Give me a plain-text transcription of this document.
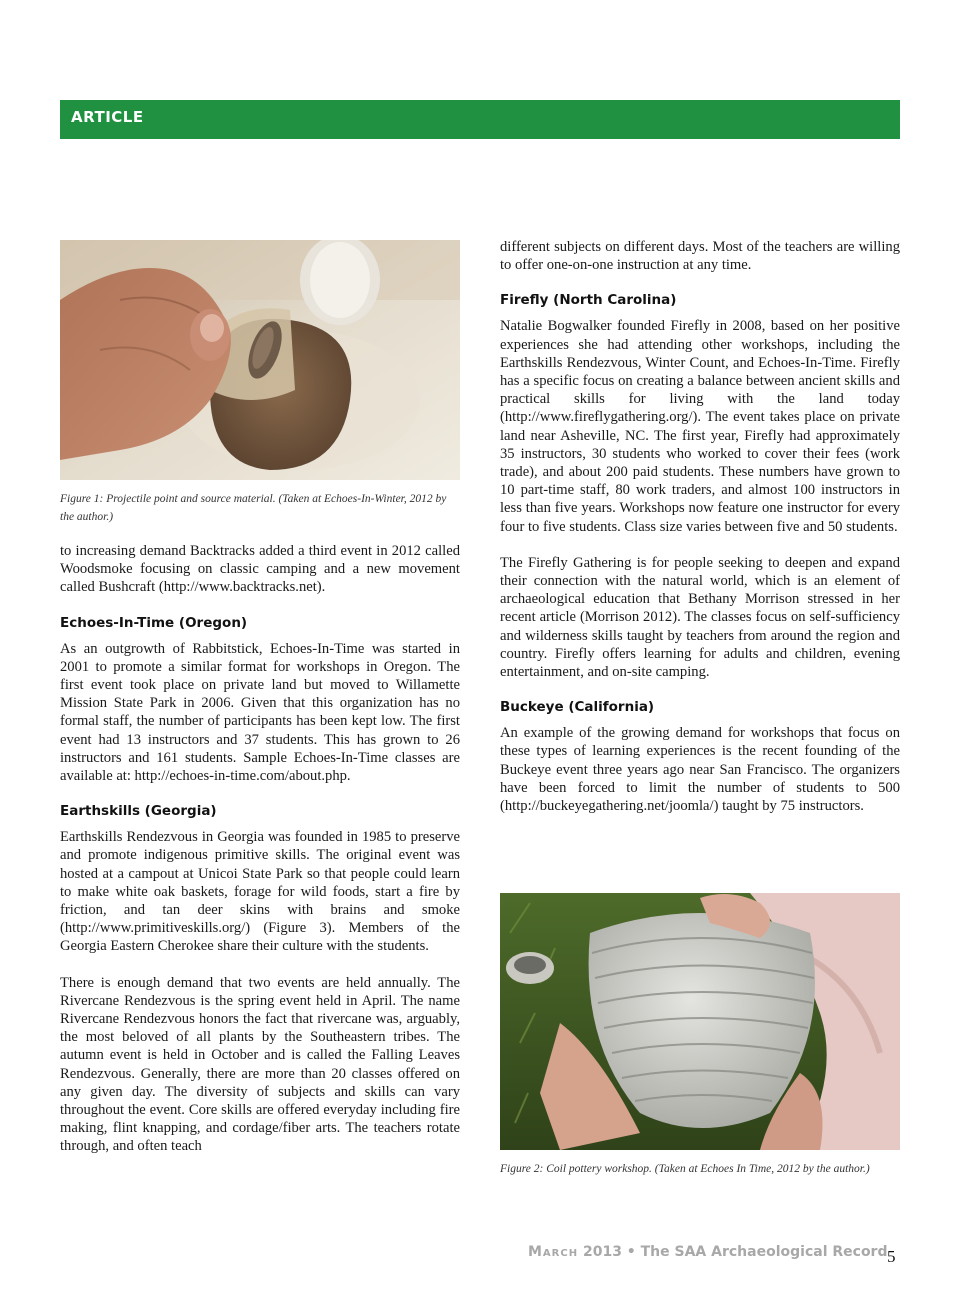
ARTICLE
Figure 1: Projectile point and source material. (Taken at Echoes-In-Winter, 2012 by the author.)

to increasing demand Backtracks added a third event in 2012 called Woodsmoke focusing on classic camping and a new movement called Bushcraft (http://www.backtracks.net).

Echoes-In-Time (Oregon)

As an outgrowth of Rabbitstick, Echoes-In-Time was started in 2001 to promote a similar format for workshops in Oregon. The first event took place on private land but moved to Willamette Mission State Park in 2006. Given that this organization has no formal staff, the number of participants has been kept low. The first event had 13 instructors and 37 students. This has grown to 26 instructors and 161 students. Sample Echoes-In-Time classes are available at: http://echoes-in-time.com/about.php.

Earthskills (Georgia)

Earthskills Rendezvous in Georgia was founded in 1985 to preserve and promote indigenous primitive skills. The original event was hosted at a campout at Unicoi State Park so that people could learn to make white oak baskets, forage for wild foods, start a fire by friction, and tan deer skins with brains and smoke (http://www.primitiveskills.org/) (Figure 3). Members of the Georgia Eastern Cherokee share their culture with the students.

There is enough demand that two events are held annually. The Rivercane Rendezvous is the spring event held in April. The name Rivercane Rendezvous honors the fact that rivercane was, arguably, the most beloved of all plants by the Southeastern tribes. The autumn event is held in October and is called the Falling Leaves Rendezvous. Generally, there are more than 20 classes offered on any given day. The diversity of subjects and skills can vary throughout the event. Core skills are offered everyday including fire making, flint knapping, and cordage/fiber arts. The teachers rotate through, and often teach

different subjects on different days. Most of the teachers are willing to offer one-on-one instruction at any time.

Firefly (North Carolina)

Natalie Bogwalker founded Firefly in 2008, based on her positive experiences she had attending other workshops, including the Earthskills Rendezvous, Winter Count, and Echoes-In-Time. Firefly has a specific focus on creating a balance between ancient skills and practical skills for living with the land today (http://www.fireflygathering.org/). The event takes place on private land near Asheville, NC. The first year, Firefly had approximately 35 instructors, 30 students who worked to cover their fees (work trade), and about 200 paid students. These numbers have grown to 10 part-time staff, 80 work traders, and almost 100 instructors in less than five years. Workshops now feature one instructor for every four to five students. Class size varies between five and 50 students.

The Firefly Gathering is for people seeking to deepen and expand their connection with the natural world, which is an element of archaeological education that Bethany Morrison stressed in her recent article (Morrison 2012). The classes focus on self-sufficiency and wilderness skills taught by teachers from around the region and country. Firefly offers learning for adults and children, evening entertainment, and on-site camping.

Buckeye (California)

An example of the growing demand for workshops that focus on these types of learning experiences is the recent founding of the Buckeye event three years ago near San Francisco. The organizers have been forced to limit the number of students to 500 (http://buckeyegathering.net/joomla/) taught by 75 instructors.

Figure 2: Coil pottery workshop. (Taken at Echoes In Time, 2012 by the author.)
March 2013 • The SAA Archaeological Record 5
